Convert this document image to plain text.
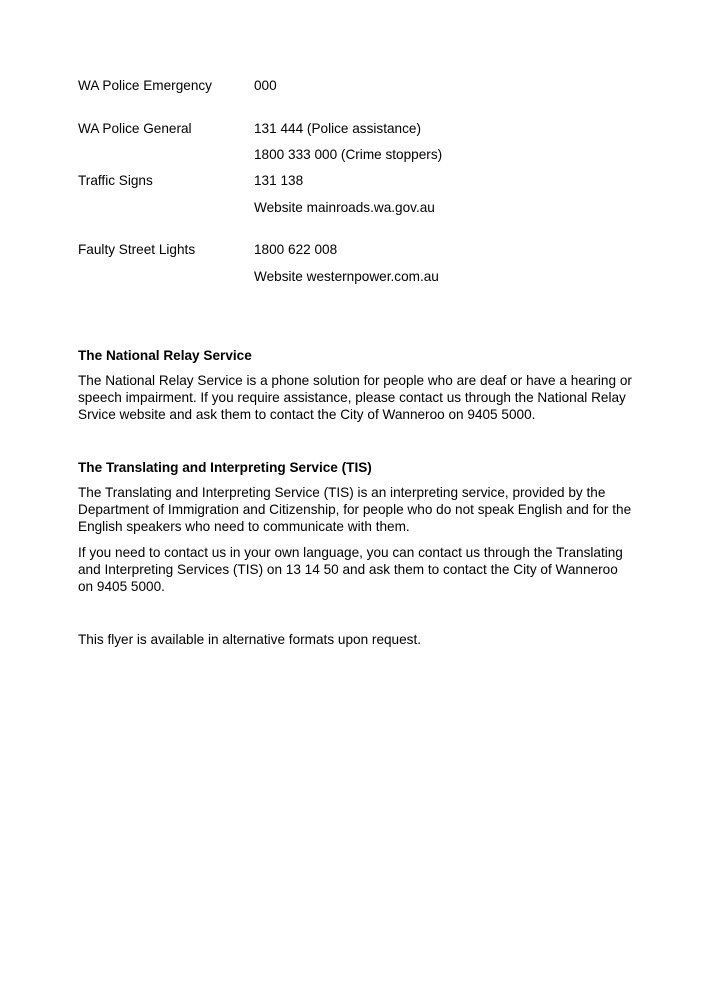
WA Police Emergency	000
WA Police General	131 444 (Police assistance)
1800 333 000 (Crime stoppers)
Traffic Signs	131 138
Website mainroads.wa.gov.au
Faulty Street Lights	1800 622 008
Website westernpower.com.au
The National Relay Service
The National Relay Service is a phone solution for people who are deaf or have a hearing or
speech impairment. If you require assistance, please contact us through the National Relay
Srvice website and ask them to contact the City of Wanneroo on 9405 5000.
The Translating and Interpreting Service (TIS)
The Translating and Interpreting Service (TIS) is an interpreting service, provided by the
Department of Immigration and Citizenship, for people who do not speak English and for the
English speakers who need to communicate with them.
If you need to contact us in your own language, you can contact us through the Translating
and Interpreting Services (TIS) on 13 14 50 and ask them to contact the City of Wanneroo
on 9405 5000.
This flyer is available in alternative formats upon request.
